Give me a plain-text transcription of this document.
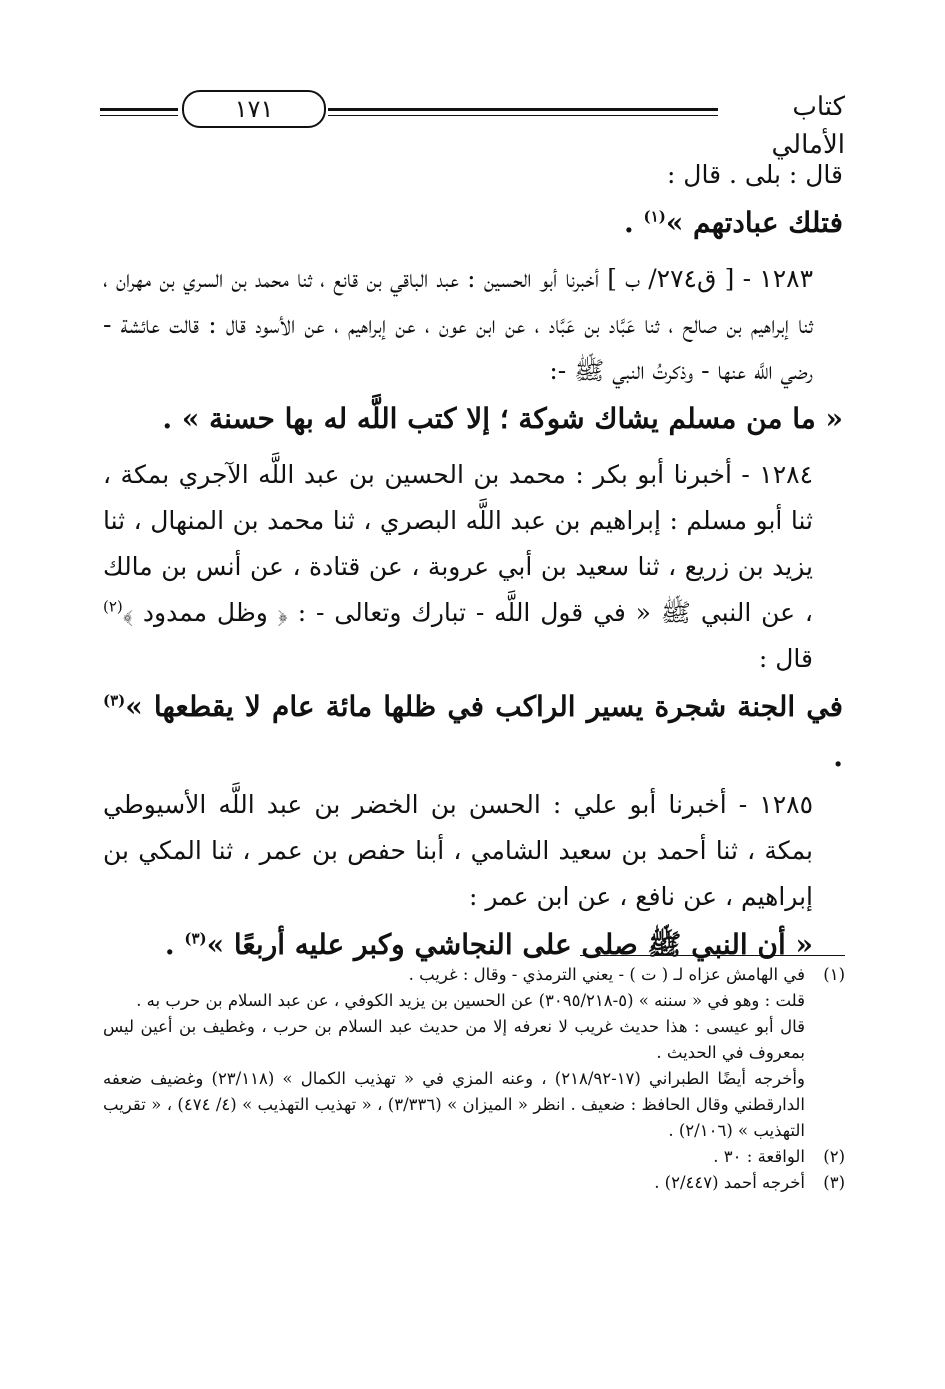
١٧١	كتاب الأمالي

قال : بلى . قال :

فتلك عبادتهم »$^{(١)}$ .

١٢٨٣ - [ ق٢٧٤/ ب ] أخبرنا أبو الحسين : عبد الباقي بن قانع ، ثنا محمد بن السري بن مهران ، ثنا إبراهيم بن صالح ، ثنا عَبَّاد بن عَبَّاد ، عن ابن عون ، عن إبراهيم ، عن الأسود قال : قالت عائشة - رضي اللَّه عنها - وذكرتُ النبي ﷺ -:

« ما من مسلم يشاك شوكة ؛ إلا كتب اللَّه له بها حسنة » .

١٢٨٤ - أخبرنا أبو بكر : محمد بن الحسين بن عبد اللَّه الآجري بمكة ، ثنا أبو مسلم : إبراهيم بن عبد اللَّه البصري ، ثنا محمد بن المنهال ، ثنا يزيد بن زريع ، ثنا سعيد بن أبي عروبة ، عن قتادة ، عن أنس بن مالك ، عن النبي ﷺ « في قول اللَّه - تبارك وتعالى - : ﴿ وظل ممدود ﴾$^{(٢)}$ قال :

في الجنة شجرة يسير الراكب في ظلها مائة عام لا يقطعها »$^{(٣)}$ .

١٢٨٥ - أخبرنا أبو علي : الحسن بن الخضر بن عبد اللَّه الأسيوطي بمكة ، ثنا أحمد بن سعيد الشامي ، أبنا حفص بن عمر ، ثنا المكي بن إبراهيم ، عن نافع ، عن ابن عمر :

« أن النبي ﷺ صلى على النجاشي وكبر عليه أربعًا »$^{(٣)}$ .

(١)
في الهامش عزاه لـ ( ت ) - يعني الترمذي - وقال : غريب .
قلت : وهو في « سننه » (٥-٣٠٩٥/٢١٨) عن الحسين بن يزيد الكوفي ، عن عبد السلام بن حرب به .
قال أبو عيسى : هذا حديث غريب لا نعرفه إلا من حديث عبد السلام بن حرب ، وغطيف بن أعين ليس بمعروف في الحديث .
وأخرجه أيضًا الطبراني (١٧-٢١٨/٩٢) ، وعنه المزي في « تهذيب الكمال » (٢٣/١١٨) وغضيف ضعفه الدارقطني وقال الحافظ : ضعيف . انظر « الميزان » (٣/٣٣٦) ، « تهذيب التهذيب » (٤/ ٤٧٤) ، « تقريب التهذيب » (٢/١٠٦) .
(٢)
الواقعة : ٣٠ .
(٣)
أخرجه أحمد (٢/٤٤٧) .
